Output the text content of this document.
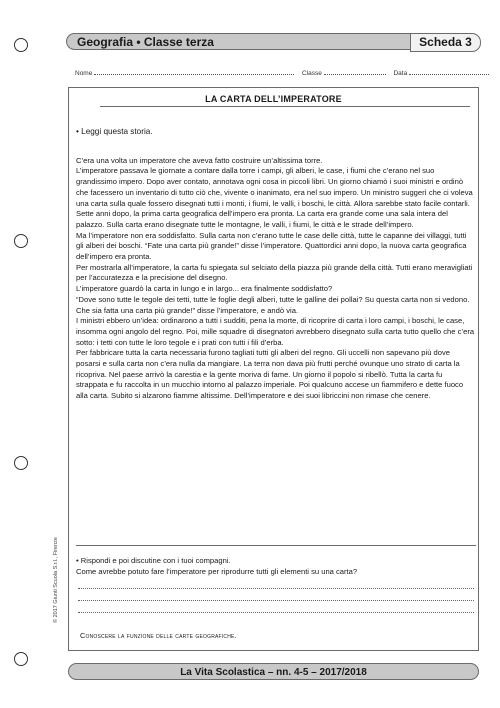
Geografia • Classe terza	Scheda 3
Nome	Classe	Data
LA CARTA DELL’IMPERATORE

• Leggi questa storia.

C’era una volta un imperatore che aveva fatto costruire un’altissima torre.

L’imperatore passava le giornate a contare dalla torre i campi, gli alberi, le case, i fiumi che c’erano nel suo grandissimo impero. Dopo aver contato, annotava ogni cosa in piccoli libri. Un giorno chiamò i suoi ministri e ordinò che facessero un inventario di tutto ciò che, vivente o inanimato, era nel suo impero. Un ministro suggerì che ci voleva una carta sulla quale fossero disegnati tutti i monti, i fiumi, le valli, i boschi, le città. Allora sarebbe stato facile contarli.

Sette anni dopo, la prima carta geografica dell’impero era pronta. La carta era grande come una sala intera del palazzo. Sulla carta erano disegnate tutte le montagne, le valli, i fiumi, le città e le strade dell’impero.

Ma l’imperatore non era soddisfatto. Sulla carta non c’erano tutte le case delle città, tutte le capanne dei villaggi, tutti gli alberi dei boschi. “Fate una carta più grande!” disse l’imperatore. Quattordici anni dopo, la nuova carta geografica dell’impero era pronta.

Per mostrarla all’imperatore, la carta fu spiegata sul selciato della piazza più grande della città. Tutti erano meravigliati per l’accuratezza e la precisione del disegno.

L’imperatore guardò la carta in lungo e in largo... era finalmente soddisfatto?

“Dove sono tutte le tegole dei tetti, tutte le foglie degli alberi, tutte le galline dei pollai? Su questa carta non si vedono. Che sia fatta una carta più grande!” disse l’imperatore, e andò via.

I ministri ebbero un’idea: ordinarono a tutti i sudditi, pena la morte, di ricoprire di carta i loro campi, i boschi, le case, insomma ogni angolo del regno. Poi, mille squadre di disegnatori avrebbero disegnato sulla carta tutto quello che c’era sotto: i tetti con tutte le loro tegole e i prati con tutti i fili d’erba.

Per fabbricare tutta la carta necessaria furono tagliati tutti gli alberi del regno. Gli uccelli non sapevano più dove posarsi e sulla carta non c’era nulla da mangiare. La terra non dava più frutti perché ovunque uno strato di carta la ricopriva. Nel paese arrivò la carestia e la gente moriva di fame. Un giorno il popolo si ribellò. Tutta la carta fu strappata e fu raccolta in un mucchio intorno al palazzo imperiale. Poi qualcuno accese un fiammifero e dette fuoco alla carta. Subito si alzarono fiamme altissime. Dell’imperatore e dei suoi libriccini non rimase che cenere.

• Rispondi e poi discutine con i tuoi compagni.

Come avrebbe potuto fare l’imperatore per riprodurre tutti gli elementi su una carta?

Conoscere la funzione delle carte geografiche.
© 2017 Giunti Scuola S.r.l., Firenze
La Vita Scolastica – nn. 4-5 – 2017/2018
